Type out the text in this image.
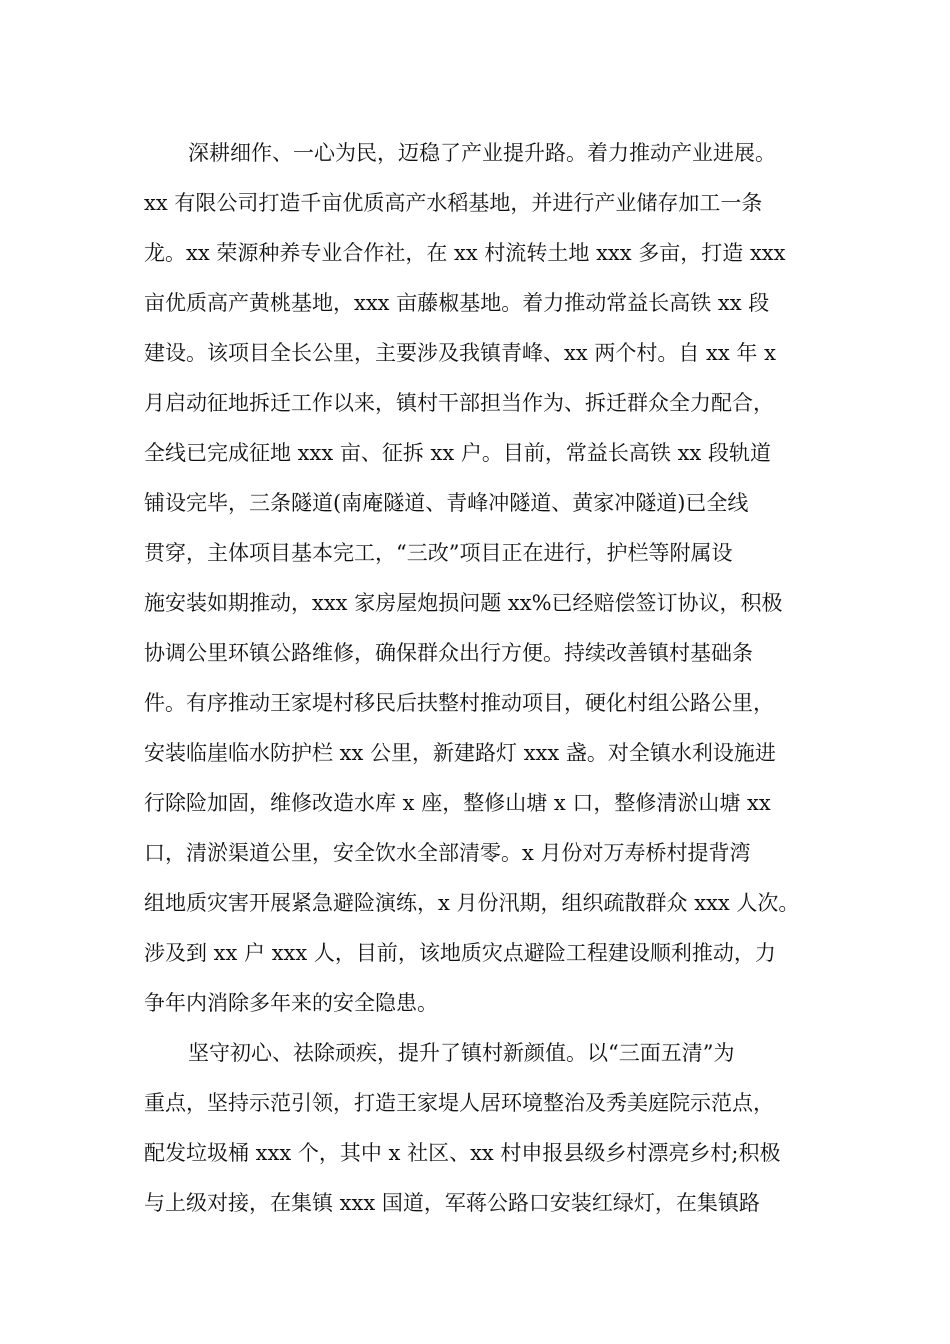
深耕细作、一心为民，迈稳了产业提升路。着力推动产业进展。
xx 有限公司打造千亩优质高产水稻基地，并进行产业储存加工一条
龙。xx 荣源种养专业合作社，在 xx 村流转土地 xxx 多亩，打造 xxx
亩优质高产黄桃基地，xxx 亩藤椒基地。着力推动常益长高铁 xx 段
建设。该项目全长公里，主要涉及我镇青峰、xx 两个村。自 xx 年 x
月启动征地拆迁工作以来，镇村干部担当作为、拆迁群众全力配合，
全线已完成征地 xxx 亩、征拆 xx 户。目前，常益长高铁 xx 段轨道
铺设完毕，三条隧道(南庵隧道、青峰冲隧道、黄家冲隧道)已全线
贯穿，主体项目基本完工，“三改”项目正在进行，护栏等附属设
施安装如期推动，xxx 家房屋炮损问题 xx%已经赔偿签订协议，积极
协调公里环镇公路维修，确保群众出行方便。持续改善镇村基础条
件。有序推动王家堤村移民后扶整村推动项目，硬化村组公路公里，
安装临崖临水防护栏 xx 公里，新建路灯 xxx 盏。对全镇水利设施进
行除险加固，维修改造水库 x 座，整修山塘 x 口，整修清淤山塘 xx
口，清淤渠道公里，安全饮水全部清零。x 月份对万寿桥村提背湾
组地质灾害开展紧急避险演练，x 月份汛期，组织疏散群众 xxx 人次。
涉及到 xx 户 xxx 人，目前，该地质灾点避险工程建设顺利推动，力
争年内消除多年来的安全隐患。

坚守初心、祛除顽疾，提升了镇村新颜值。以“三面五清”为
重点，坚持示范引领，打造王家堤人居环境整治及秀美庭院示范点，
配发垃圾桶 xxx 个，其中 x 社区、xx 村申报县级乡村漂亮乡村;积极
与上级对接，在集镇 xxx 国道，军蒋公路口安装红绿灯，在集镇路
